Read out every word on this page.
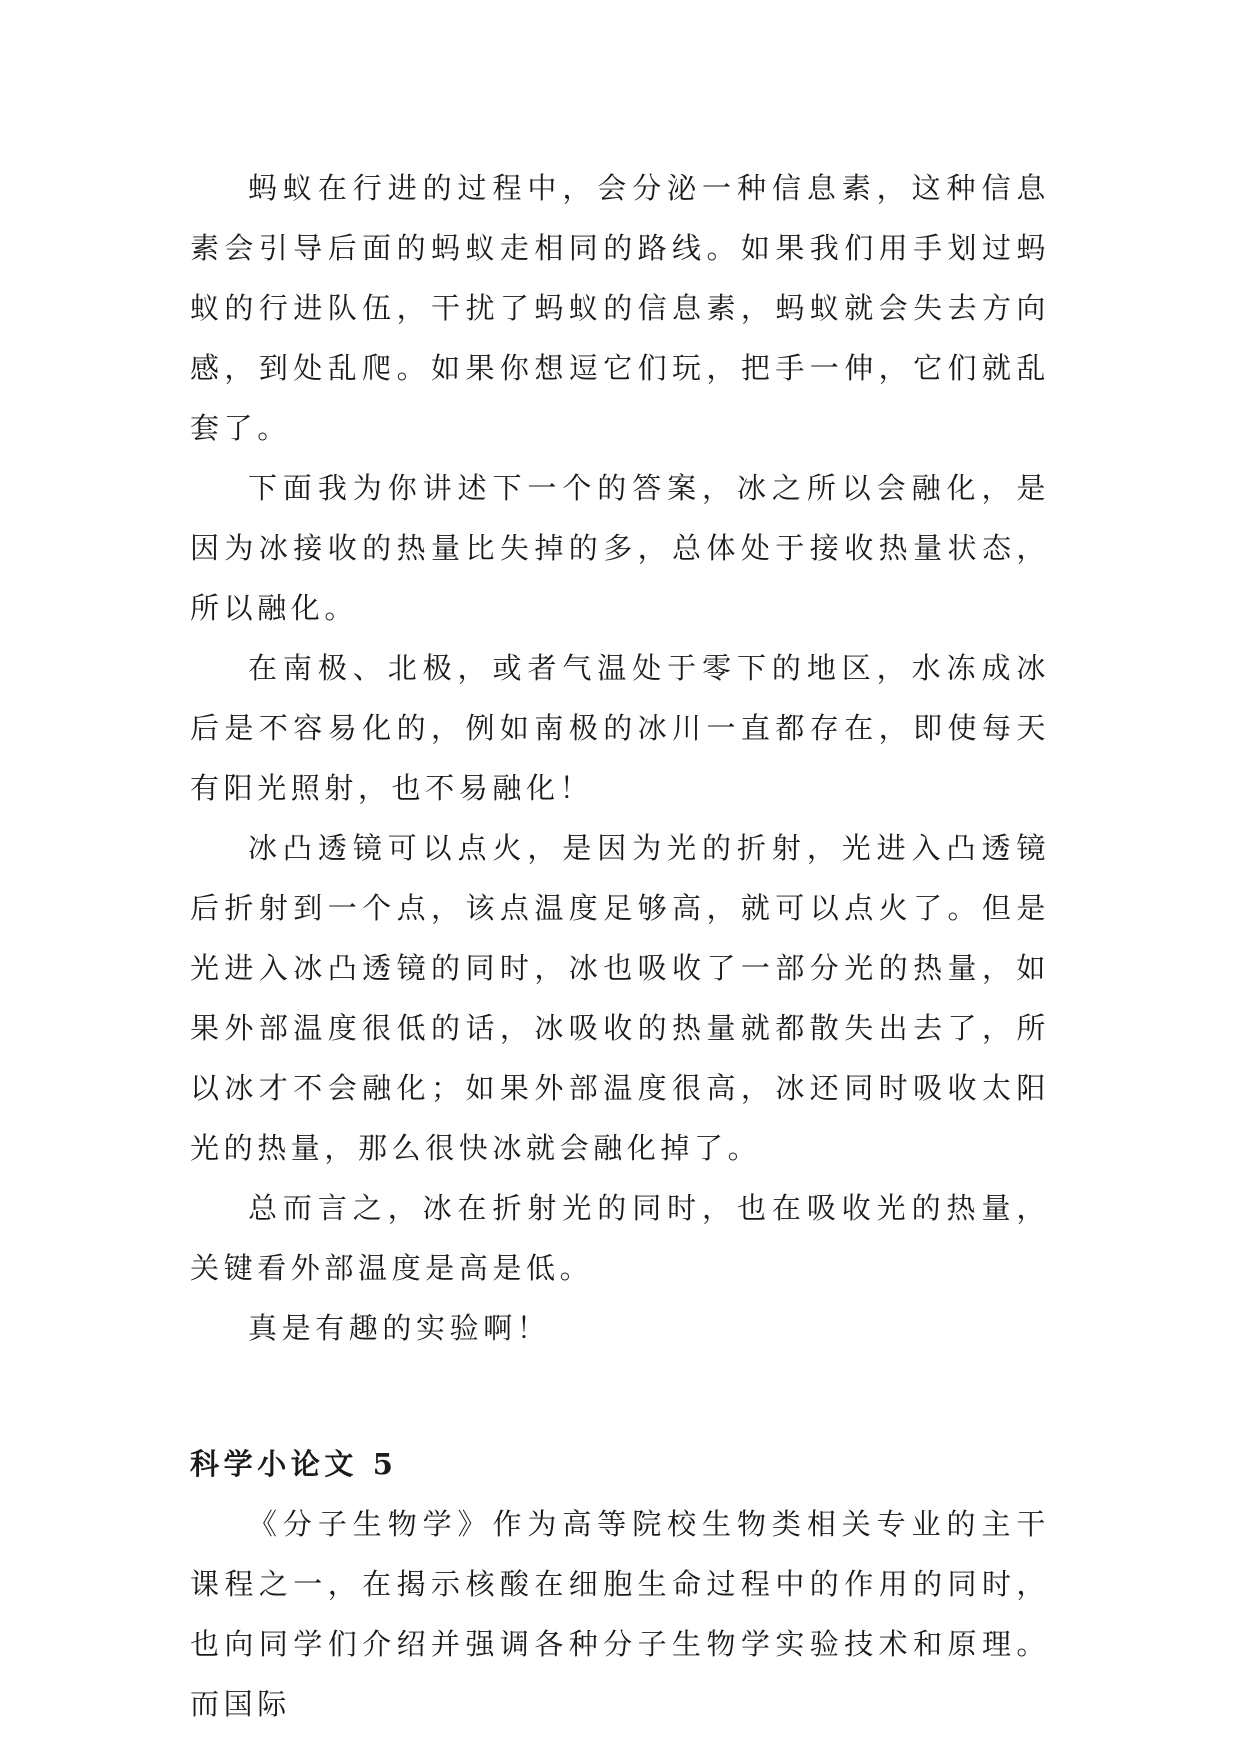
蚂蚁在行进的过程中，会分泌一种信息素，这种信息素会引导后面的蚂蚁走相同的路线。如果我们用手划过蚂蚁的行进队伍，干扰了蚂蚁的信息素，蚂蚁就会失去方向感，到处乱爬。如果你想逗它们玩，把手一伸，它们就乱套了。

下面我为你讲述下一个的答案，冰之所以会融化，是因为冰接收的热量比失掉的多，总体处于接收热量状态，所以融化。

在南极、北极，或者气温处于零下的地区，水冻成冰后是不容易化的，例如南极的冰川一直都存在，即使每天有阳光照射，也不易融化！

冰凸透镜可以点火，是因为光的折射，光进入凸透镜后折射到一个点，该点温度足够高，就可以点火了。但是光进入冰凸透镜的同时，冰也吸收了一部分光的热量，如果外部温度很低的话，冰吸收的热量就都散失出去了，所以冰才不会融化；如果外部温度很高，冰还同时吸收太阳光的热量，那么很快冰就会融化掉了。

总而言之，冰在折射光的同时，也在吸收光的热量，关键看外部温度是高是低。

真是有趣的实验啊！

科学小论文 5

《分子生物学》作为高等院校生物类相关专业的主干课程之一，在揭示核酸在细胞生命过程中的作用的同时，也向同学们介绍并强调各种分子生物学实验技术和原理。而国际
